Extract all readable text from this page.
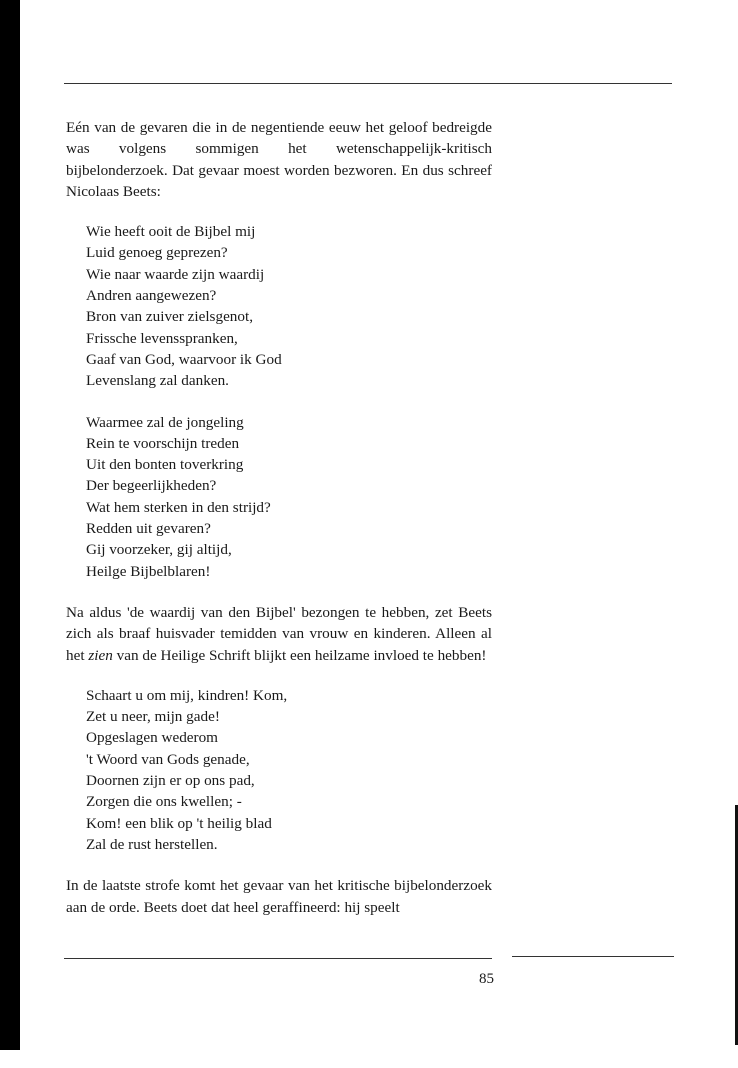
Eén van de gevaren die in de negentiende eeuw het geloof bedreigde was volgens sommigen het wetenschappelijk-kritisch bijbelonderzoek. Dat gevaar moest worden bezworen. En dus schreef Nicolaas Beets:

Wie heeft ooit de Bijbel mij
Luid genoeg geprezen?
Wie naar waarde zijn waardij
Andren aangewezen?
Bron van zuiver zielsgenot,
Frissche levensspranken,
Gaaf van God, waarvoor ik God
Levenslang zal danken.
Waarmee zal de jongeling
Rein te voorschijn treden
Uit den bonten toverkring
Der begeerlijkheden?
Wat hem sterken in den strijd?
Redden uit gevaren?
Gij voorzeker, gij altijd,
Heilge Bijbelblaren!

Na aldus 'de waardij van den Bijbel' bezongen te hebben, zet Beets zich als braaf huisvader temidden van vrouw en kinderen. Alleen al het zien van de Heilige Schrift blijkt een heilzame invloed te hebben!

Schaart u om mij, kindren! Kom,
Zet u neer, mijn gade!
Opgeslagen wederom
't Woord van Gods genade,
Doornen zijn er op ons pad,
Zorgen die ons kwellen; -
Kom! een blik op 't heilig blad
Zal de rust herstellen.

In de laatste strofe komt het gevaar van het kritische bijbelonderzoek aan de orde. Beets doet dat heel geraffineerd: hij speelt

85
